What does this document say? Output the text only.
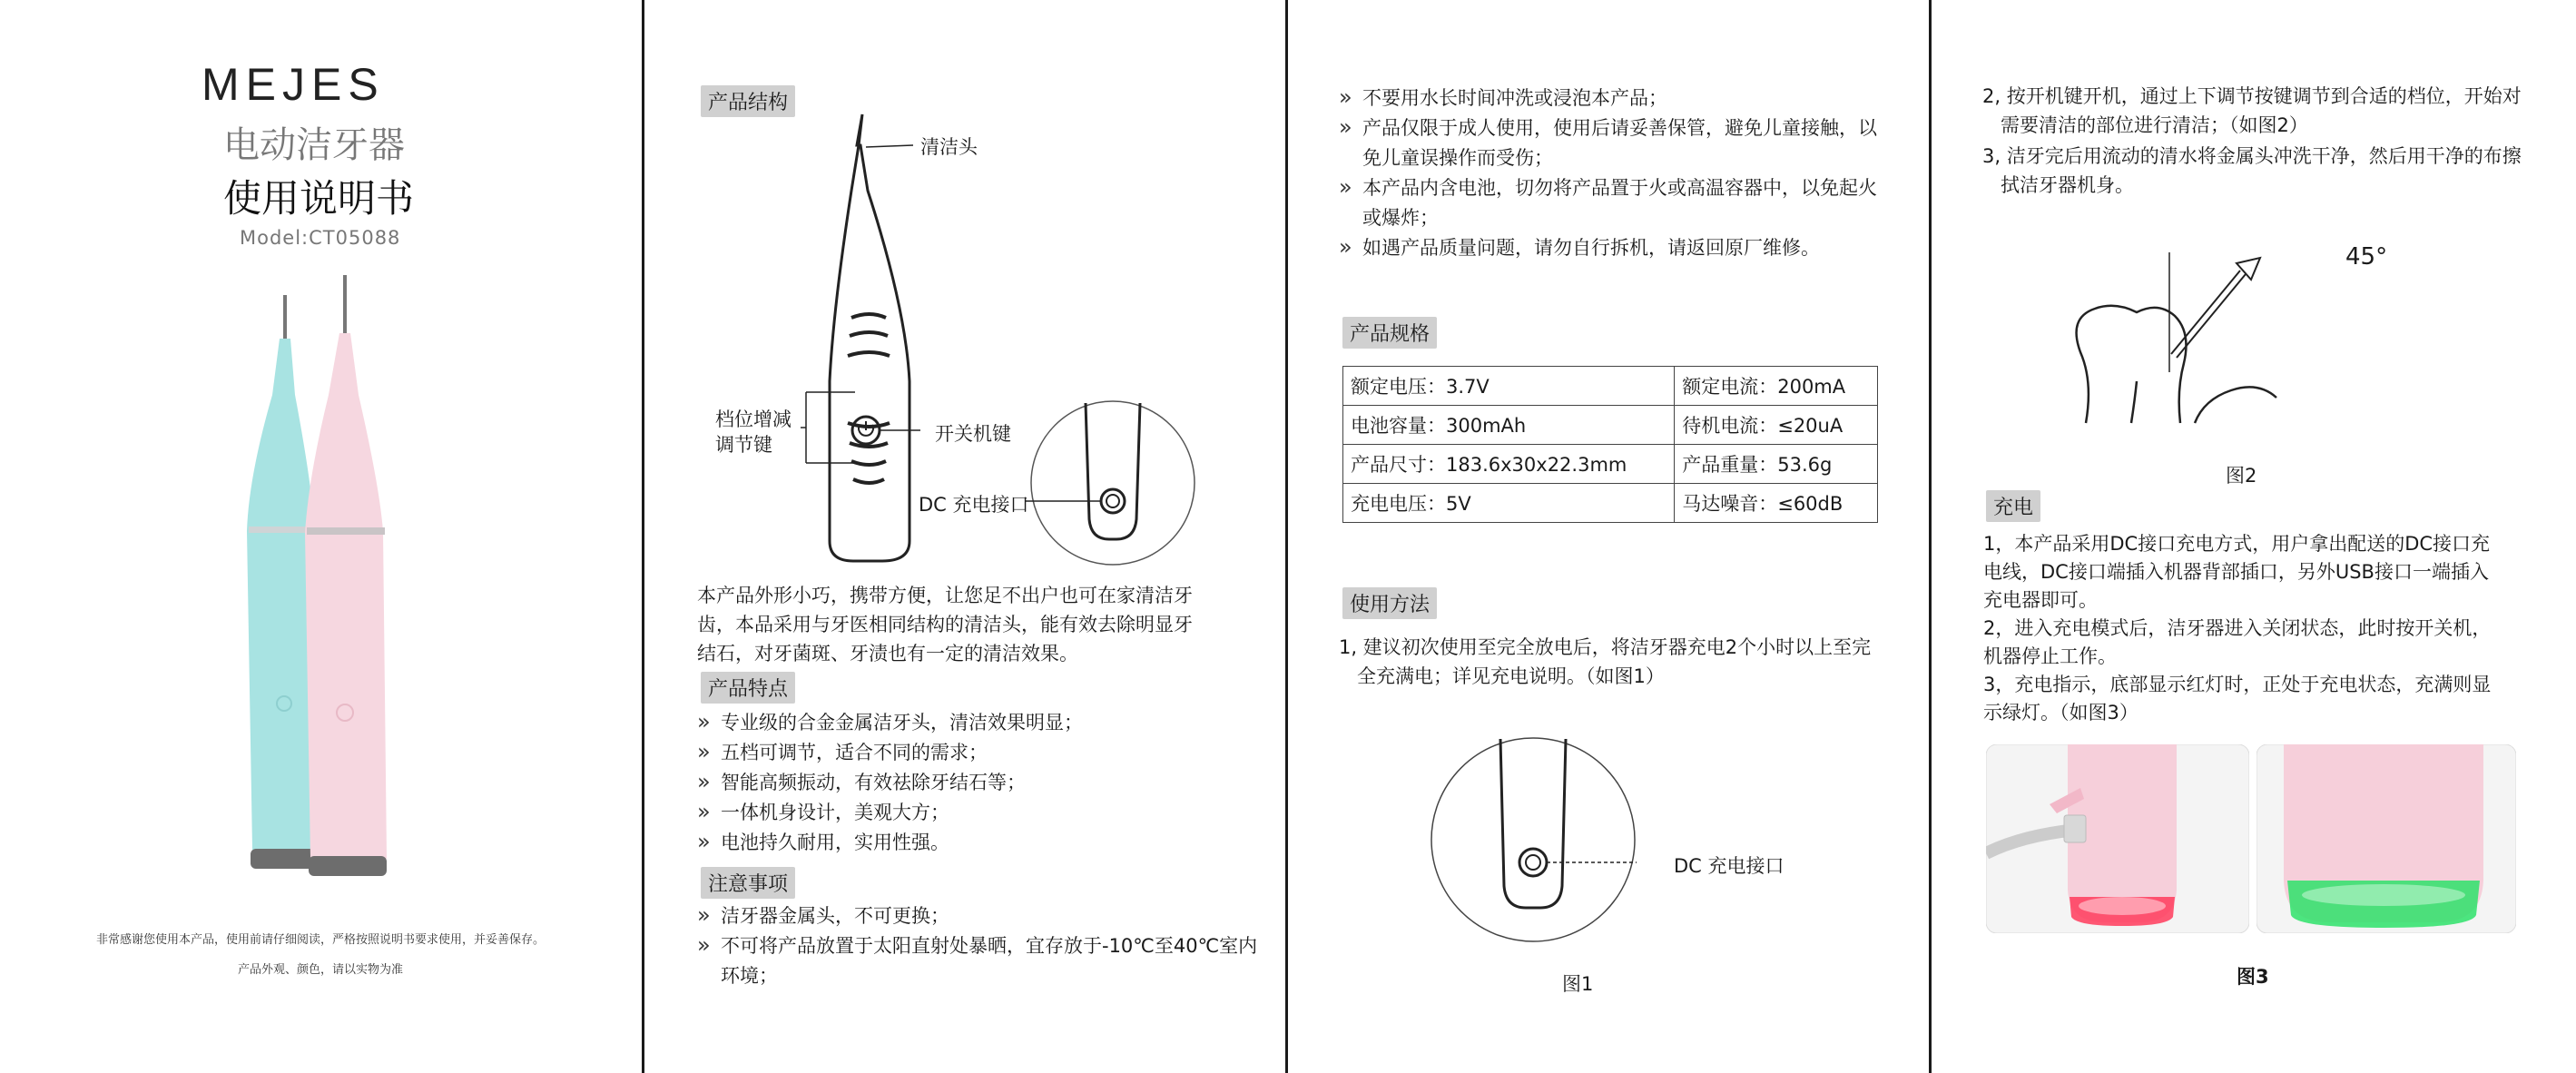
MEJES
电动洁牙器
使用说明书
Model:CT05088
非常感谢您使用本产品，使用前请仔细阅读，严格按照说明书要求使用，并妥善保存。
产品外观、颜色，请以实物为准
产品结构
清洁头
档位增减
调节键	开关机键
DC 充电接口
本产品外形小巧，携带方便，让您足不出户也可在家清洁牙
齿，本品采用与牙医相同结构的清洁头，能有效去除明显牙
结石，对牙菌斑、牙渍也有一定的清洁效果。
产品特点
» 专业级的合金金属洁牙头，清洁效果明显；
» 五档可调节，适合不同的需求；
» 智能高频振动，有效祛除牙结石等；
» 一体机身设计，美观大方；
» 电池持久耐用，实用性强。
注意事项
» 洁牙器金属头，不可更换；
» 不可将产品放置于太阳直射处暴晒，宜存放于-10℃至40℃室内环境；
» 不要用水长时间冲洗或浸泡本产品；
» 产品仅限于成人使用，使用后请妥善保管，避免儿童接触，以免儿童误操作而受伤；
» 本产品内含电池，切勿将产品置于火或高温容器中，以免起火或爆炸；
» 如遇产品质量问题，请勿自行拆机，请返回原厂维修。
产品规格
额定电压：3.7V	额定电流：200mA
电池容量：300mAh	待机电流：≤20uA
产品尺寸：183.6x30x22.3mm	产品重量：53.6g
充电电压：5V	马达噪音：≤60dB
使用方法
1, 建议初次使用至完全放电后，将洁牙器充电2个小时以上至完
全充满电；详见充电说明。（如图1）
DC 充电接口
图1
2, 按开机键开机，通过上下调节按键调节到合适的档位，开始对
需要清洁的部位进行清洁；（如图2）
3, 洁牙完后用流动的清水将金属头冲洗干净，然后用干净的布擦
拭洁牙器机身。
45°
图2
充电
1，本产品采用DC接口充电方式，用户拿出配送的DC接口充
电线，DC接口端插入机器背部插口，另外USB接口一端插入
充电器即可。
2，进入充电模式后，洁牙器进入关闭状态，此时按开关机，
机器停止工作。
3，充电指示，底部显示红灯时，正处于充电状态，充满则显
示绿灯。（如图3）
图3
